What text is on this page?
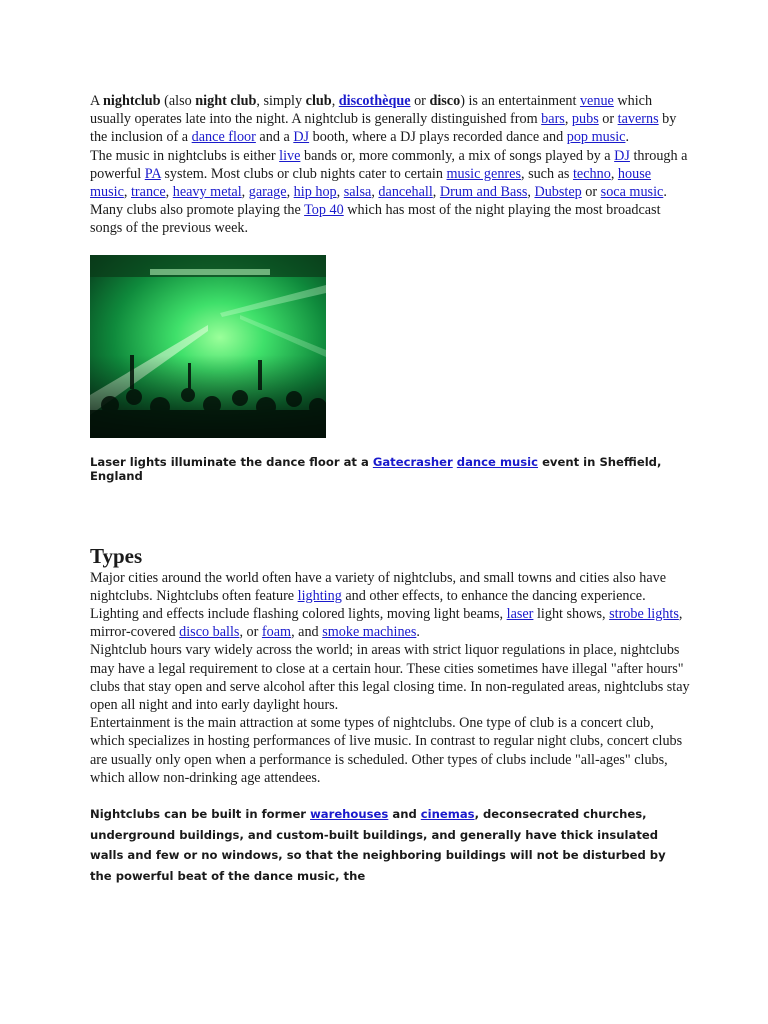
A nightclub (also night club, simply club, discothèque or disco) is an entertainment venue which usually operates late into the night. A nightclub is generally distinguished from bars, pubs or taverns by the inclusion of a dance floor and a DJ booth, where a DJ plays recorded dance and pop music.

The music in nightclubs is either live bands or, more commonly, a mix of songs played by a DJ through a powerful PA system. Most clubs or club nights cater to certain music genres, such as techno, house music, trance, heavy metal, garage, hip hop, salsa, dancehall, Drum and Bass, Dubstep or soca music. Many clubs also promote playing the Top 40 which has most of the night playing the most broadcast songs of the previous week.

Laser lights illuminate the dance floor at a Gatecrasher dance music event in Sheffield, England

Types

Major cities around the world often have a variety of nightclubs, and small towns and cities also have nightclubs. Nightclubs often feature lighting and other effects, to enhance the dancing experience. Lighting and effects include flashing colored lights, moving light beams, laser light shows, strobe lights, mirror-covered disco balls, or foam, and smoke machines.

Nightclub hours vary widely across the world; in areas with strict liquor regulations in place, nightclubs may have a legal requirement to close at a certain hour. These cities sometimes have illegal "after hours" clubs that stay open and serve alcohol after this legal closing time. In non-regulated areas, nightclubs stay open all night and into early daylight hours.

Entertainment is the main attraction at some types of nightclubs. One type of club is a concert club, which specializes in hosting performances of live music. In contrast to regular night clubs, concert clubs are usually only open when a performance is scheduled. Other types of clubs include "all-ages" clubs, which allow non-drinking age attendees.

Nightclubs can be built in former warehouses and cinemas, deconsecrated churches, underground buildings, and custom-built buildings, and generally have thick insulated walls and few or no windows, so that the neighboring buildings will not be disturbed by the powerful beat of the dance music, the
